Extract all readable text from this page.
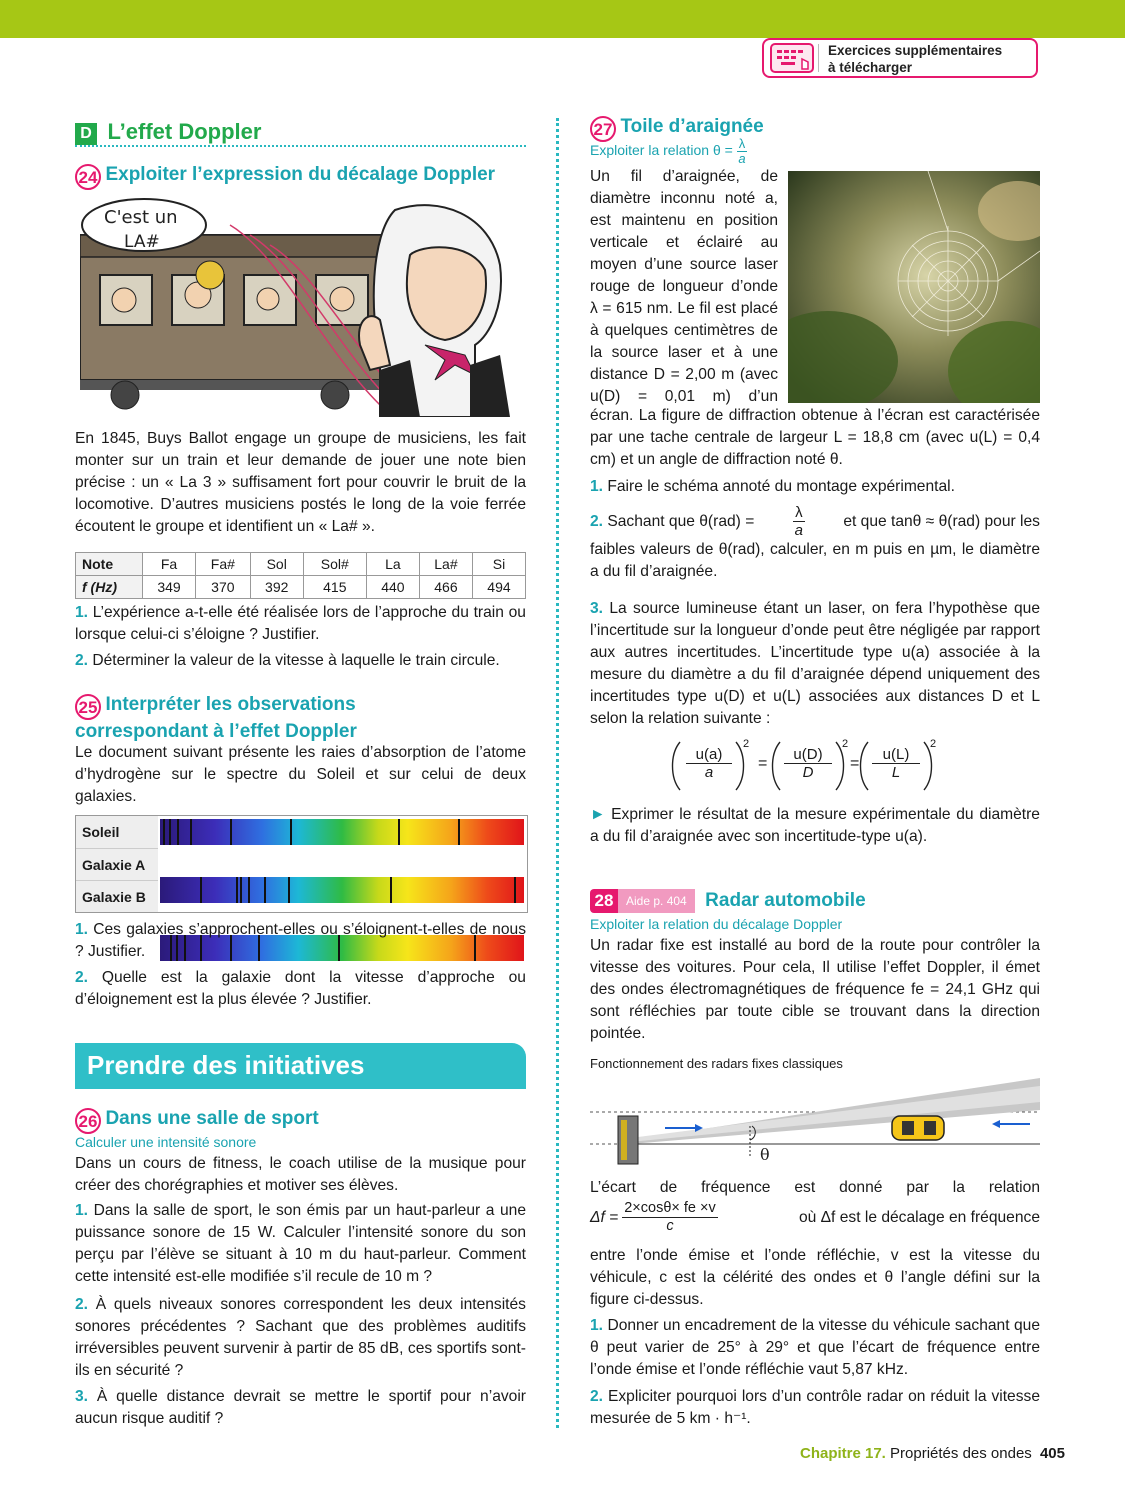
Exercices supplémentaires
à télécharger
D L’effet Doppler
24 Exploiter l’expression du décalage Doppler
C'est un
LA#

En 1845, Buys Ballot engage un groupe de musiciens, les fait monter sur un train et leur demande de jouer une note bien précise : un « La 3 » suffisament fort pour couvrir le bruit de la locomotive. D’autres musiciens postés le long de la voie ferrée écoutent le groupe et identifient un « La# ».

Note	Fa	Fa#	Sol	Sol#	La	La#	Si
f (Hz)	349	370	392	415	440	466	494

1. L’expérience a-t-elle été réalisée lors de l’approche du train ou lorsque celui-ci s’éloigne ? Justifier.

2. Déterminer la valeur de la vitesse à laquelle le train circule.

25 Interpréter les observations
correspondant à l’effet Doppler

Le document suivant présente les raies d’absorption de l’atome d’hydrogène sur le spectre du Soleil et sur celui de deux galaxies.

Soleil
Galaxie A
Galaxie B

1. Ces galaxies s’approchent-elles ou s’éloignent-t-elles de nous ? Justifier.

2. Quelle est la galaxie dont la vitesse d’approche ou d’éloignement est la plus élevée ? Justifier.

Prendre des initiatives
26 Dans une salle de sport
Calculer une intensité sonore

Dans un cours de fitness, le coach utilise de la musique pour créer des chorégraphies et motiver ses élèves.

1. Dans la salle de sport, le son émis par un haut-parleur a une puissance sonore de 15 W. Calculer l’intensité sonore du son perçu par l’élève se situant à 10 m du haut-parleur. Comment cette intensité est-elle modifiée s’il recule de 10 m ?

2. À quels niveaux sonores correspondent les deux intensités sonores précédentes ? Sachant que des problèmes auditifs irréversibles peuvent survenir à partir de 85 dB, ces sportifs sont-ils en sécurité ?

3. À quelle distance devrait se mettre le sportif pour n’avoir aucun risque auditif ?

27 Toile d’araignée
Exploiter la relation $\theta = \frac{\lambda}{a}$

Un fil d’araignée, de

diamètre inconnu noté a,

est maintenu en position

verticale et éclairé au

moyen d’une source laser

rouge de longueur d’onde

λ = 615 nm. Le fil est placé

à quelques centimètres de

la source laser et à une

distance D = 2,00 m (avec

u(D) = 0,01 m) d’un

écran. La figure de diffraction obtenue à l’écran est caractérisée par une tache centrale de largeur L = 18,8 cm (avec u(L) = 0,4 cm) et un angle de diffraction noté θ.

1. Faire le schéma annoté du montage expérimental.

2. Sachant que θ(rad) =	$\frac{\lambda}{a}$ et que tanθ ≈ θ(rad) pour les

faibles valeurs de θ(rad), calculer, en m puis en µm, le diamètre a du fil d’araignée.

3. La source lumineuse étant un laser, on fera l’hypothèse que l’incertitude sur la longueur d’onde peut être négligée par rapport aux autres incertitudes. L’incertitude type u(a) associée à la mesure du diamètre a du fil d’araignée dépend uniquement des incertitudes type u(D) et u(L) associées aux distances D et L selon la relation suivante :

$\frac{u(a)}{a}$
2
= $\frac{u(D)}{D}$
2
= $\frac{u(L)}{L}$
2

► Exprimer le résultat de la mesure expérimentale du diamètre a du fil d’araignée avec son incertitude-type u(a).

28 Aide p. 404 Radar automobile
Exploiter la relation du décalage Doppler

Un radar fixe est installé au bord de la route pour contrôler la vitesse des voitures. Pour cela, Il utilise l’effet Doppler, il émet des ondes électromagnétiques de fréquence fe = 24,1 GHz qui sont réfléchies par toute cible se trouvant dans la direction pointée.

Fonctionnement des radars fixes classiques
θ

L’écart de fréquence est donné par la relation

$\Delta f = \frac{2\times\cos\theta\times fe \times v}{c}$	où Δf est le décalage en fréquence

entre l’onde émise et l’onde réfléchie, v est la vitesse du véhicule, c est la célérité des ondes et θ l’angle défini sur la figure ci-dessus.

1. Donner un encadrement de la vitesse du véhicule sachant que θ peut varier de 25° à 29° et que l’écart de fréquence entre l’onde émise et l’onde réfléchie vaut 5,87 kHz.

2. Expliciter pourquoi lors d’un contrôle radar on réduit la vitesse mesurée de 5 km · h⁻¹.

Chapitre 17. Propriétés des ondes 405
